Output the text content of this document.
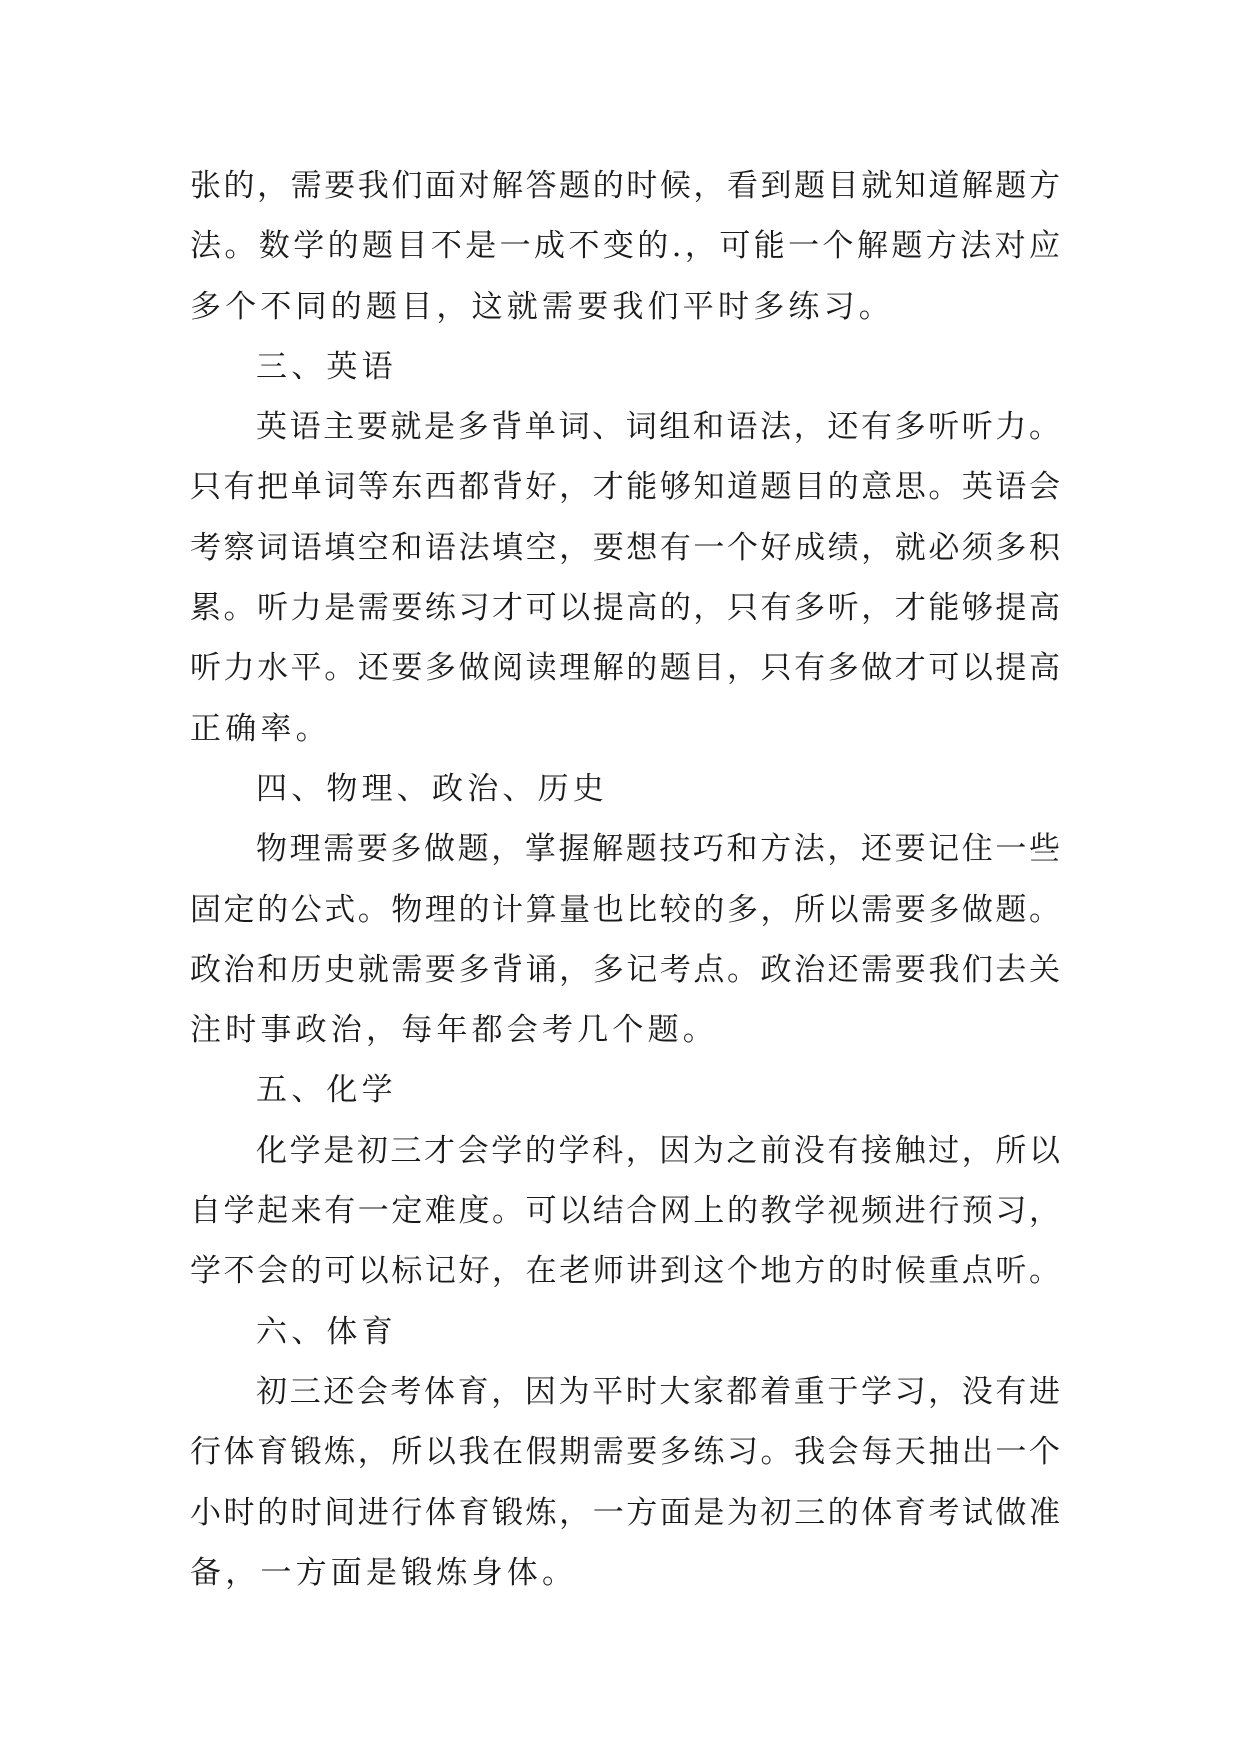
张的，需要我们面对解答题的时候，看到题目就知道解题方
法。数学的题目不是一成不变的.，可能一个解题方法对应
多个不同的题目，这就需要我们平时多练习。
三、英语
英语主要就是多背单词、词组和语法，还有多听听力。
只有把单词等东西都背好，才能够知道题目的意思。英语会
考察词语填空和语法填空，要想有一个好成绩，就必须多积
累。听力是需要练习才可以提高的，只有多听，才能够提高
听力水平。还要多做阅读理解的题目，只有多做才可以提高
正确率。
四、物理、政治、历史
物理需要多做题，掌握解题技巧和方法，还要记住一些
固定的公式。物理的计算量也比较的多，所以需要多做题。
政治和历史就需要多背诵，多记考点。政治还需要我们去关
注时事政治，每年都会考几个题。
五、化学
化学是初三才会学的学科，因为之前没有接触过，所以
自学起来有一定难度。可以结合网上的教学视频进行预习，
学不会的可以标记好，在老师讲到这个地方的时候重点听。
六、体育
初三还会考体育，因为平时大家都着重于学习，没有进
行体育锻炼，所以我在假期需要多练习。我会每天抽出一个
小时的时间进行体育锻炼，一方面是为初三的体育考试做准
备，一方面是锻炼身体。
